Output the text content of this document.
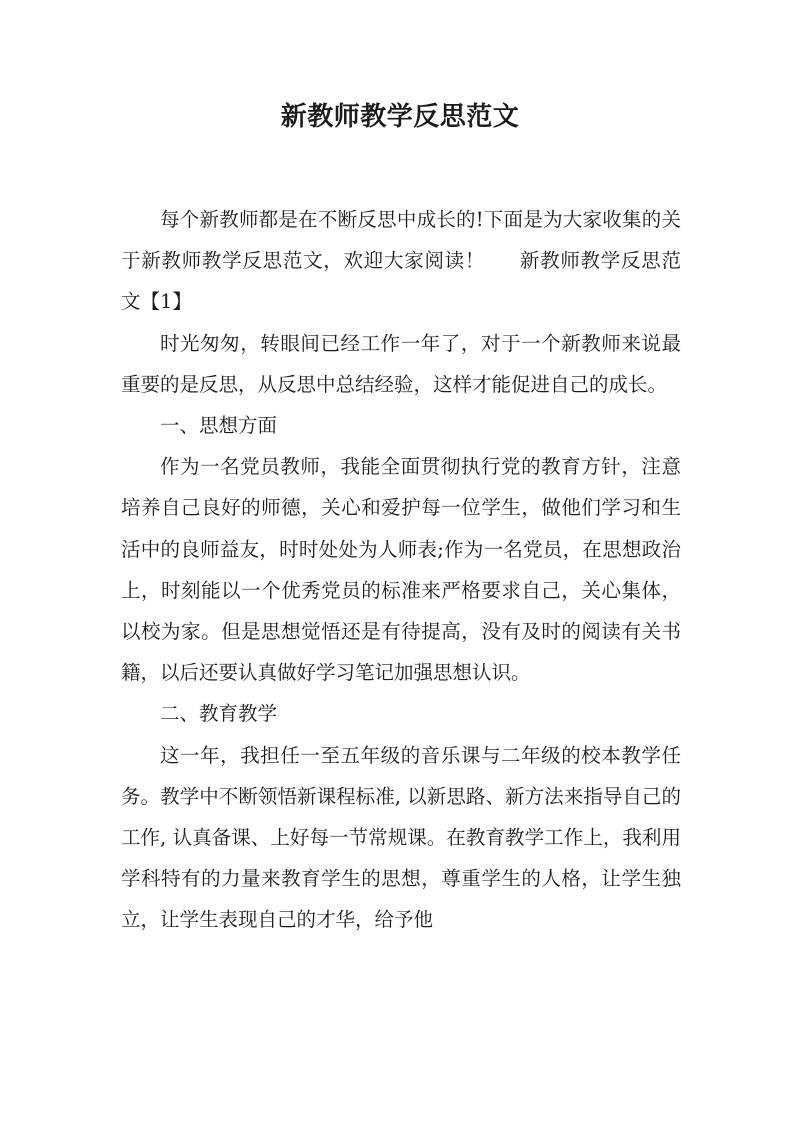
新教师教学反思范文

每个新教师都是在不断反思中成长的!下面是为大家收集的关于新教师教学反思范文，欢迎大家阅读！ 新教师教学反思范文【1】

时光匆匆，转眼间已经工作一年了，对于一个新教师来说最重要的是反思，从反思中总结经验，这样才能促进自己的成长。

一、思想方面

作为一名党员教师，我能全面贯彻执行党的教育方针，注意培养自己良好的师德，关心和爱护每一位学生，做他们学习和生活中的良师益友，时时处处为人师表;作为一名党员，在思想政治上，时刻能以一个优秀党员的标准来严格要求自己，关心集体，以校为家。但是思想觉悟还是有待提高，没有及时的阅读有关书籍，以后还要认真做好学习笔记加强思想认识。

二、教育教学

这一年，我担任一至五年级的音乐课与二年级的校本教学任务。教学中不断领悟新课程标准, 以新思路、新方法来指导自己的工作, 认真备课、上好每一节常规课。在教育教学工作上，我利用学科特有的力量来教育学生的思想，尊重学生的人格，让学生独立，让学生表现自己的才华，给予他
